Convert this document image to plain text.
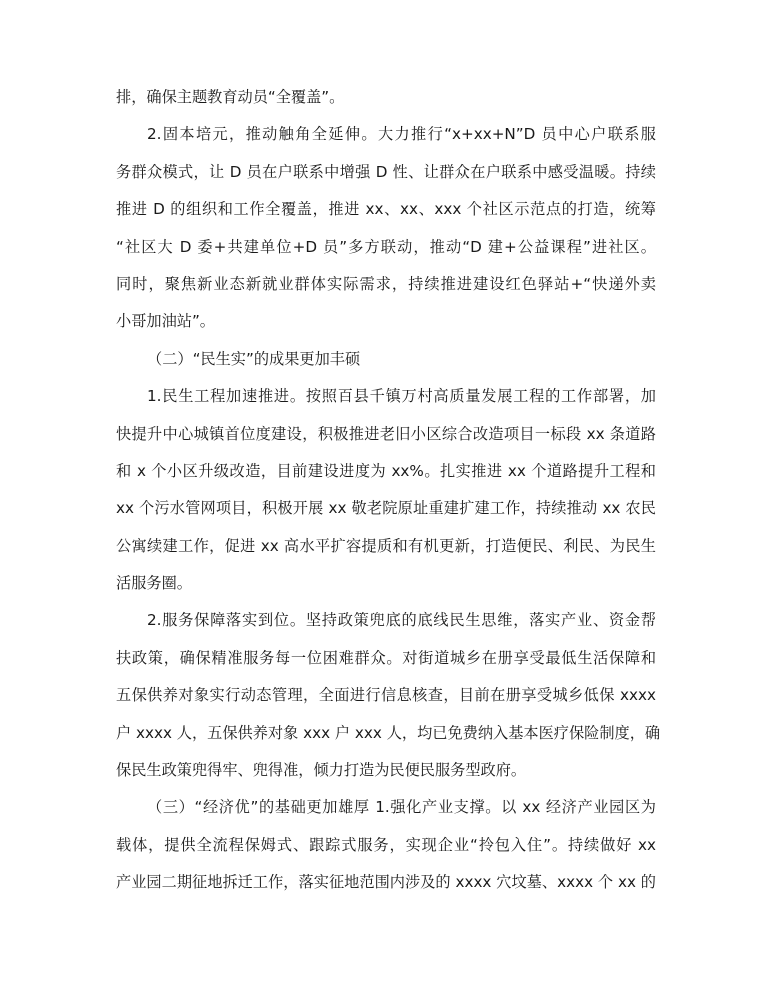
排，确保主题教育动员“全覆盖”。
2.固本培元，推动触角全延伸。大力推行“x+xx+N”D 员中心户联系服
务群众模式，让 D 员在户联系中增强 D 性、让群众在户联系中感受温暖。持续
推进 D 的组织和工作全覆盖，推进 xx、xx、xxx 个社区示范点的打造，统筹
“社区大 D 委+共建单位+D 员”多方联动，推动“D 建+公益课程”进社区。
同时，聚焦新业态新就业群体实际需求，持续推进建设红色驿站+“快递外卖
小哥加油站”。
（二）“民生实”的成果更加丰硕
1.民生工程加速推进。按照百县千镇万村高质量发展工程的工作部署，加
快提升中心城镇首位度建设，积极推进老旧小区综合改造项目一标段 xx 条道路
和 x 个小区升级改造，目前建设进度为 xx%。扎实推进 xx 个道路提升工程和
xx 个污水管网项目，积极开展 xx 敬老院原址重建扩建工作，持续推动 xx 农民
公寓续建工作，促进 xx 高水平扩容提质和有机更新，打造便民、利民、为民生
活服务圈。
2.服务保障落实到位。坚持政策兜底的底线民生思维，落实产业、资金帮
扶政策，确保精准服务每一位困难群众。对街道城乡在册享受最低生活保障和
五保供养对象实行动态管理，全面进行信息核查，目前在册享受城乡低保 xxxx
户 xxxx 人，五保供养对象 xxx 户 xxx 人，均已免费纳入基本医疗保险制度，确
保民生政策兜得牢、兜得准，倾力打造为民便民服务型政府。
（三）“经济优”的基础更加雄厚 1.强化产业支撑。以 xx 经济产业园区为
载体，提供全流程保姆式、跟踪式服务，实现企业“拎包入住”。持续做好 xx
产业园二期征地拆迁工作，落实征地范围内涉及的 xxxx 穴坟墓、xxxx 个 xx 的
